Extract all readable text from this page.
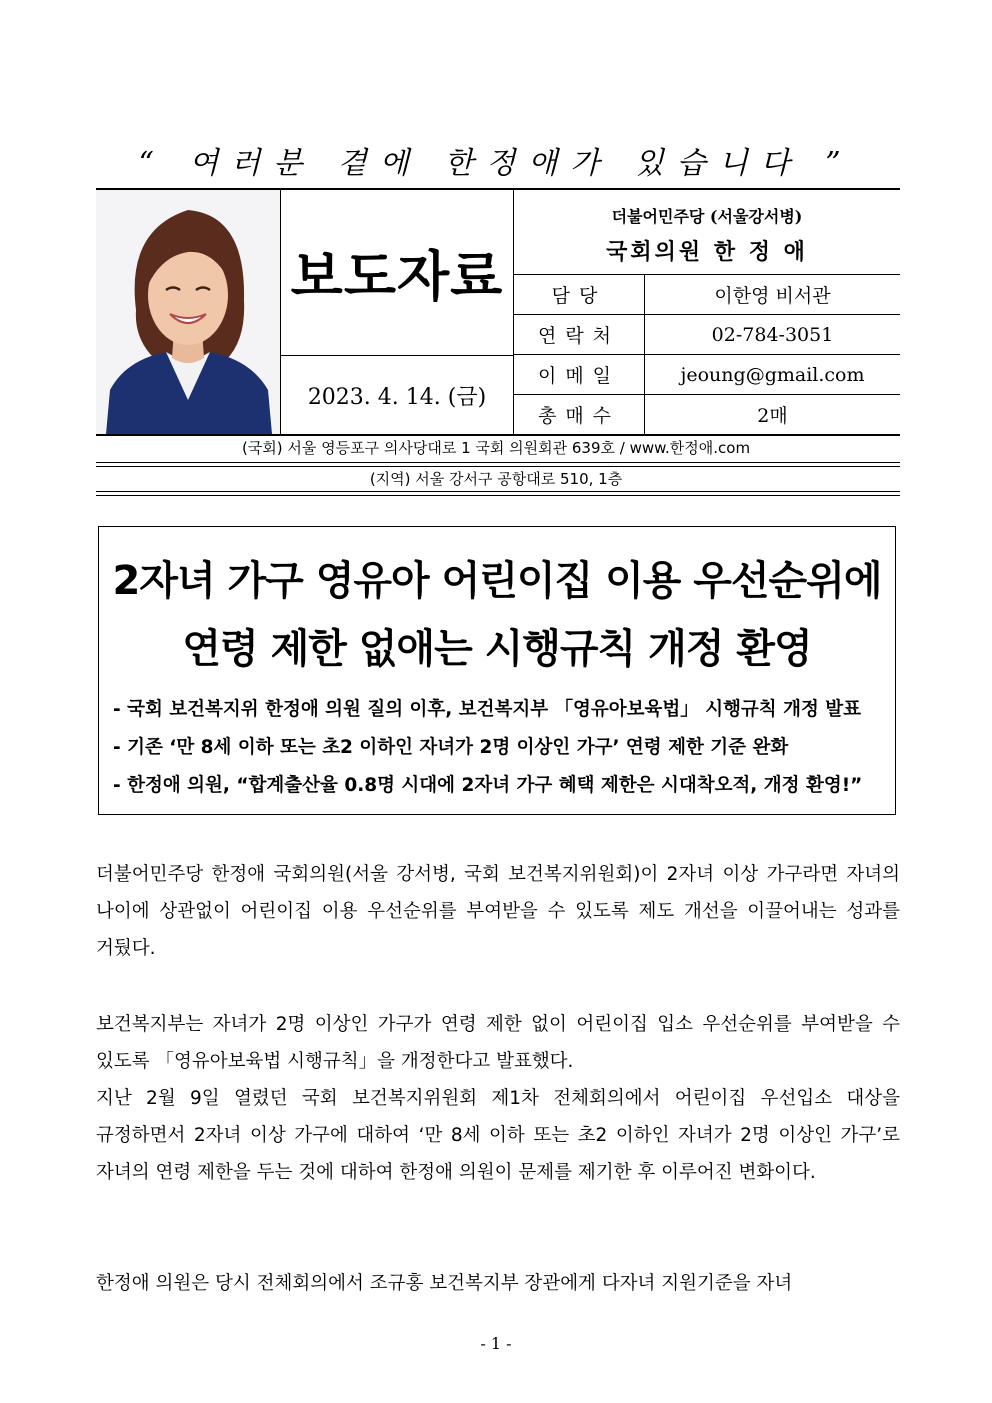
“ 여러분 곁에 한정애가 있습니다 ”
보도자료
2023. 4. 14. (금)
더불어민주당 (서울강서병)
국회의원 한 정 애
담당	이한영 비서관
연락처	02-784-3051
이메일	jeoung@gmail.com
총매수	2매
(국회) 서울 영등포구 의사당대로 1 국회 의원회관 639호 / www.한정애.com
(지역) 서울 강서구 공항대로 510, 1층
2자녀 가구 영유아 어린이집 이용 우선순위에
연령 제한 없애는 시행규칙 개정 환영
- 국회 보건복지위 한정애 의원 질의 이후, 보건복지부 「영유아보육법」 시행규칙 개정 발표
- 기존 ‘만 8세 이하 또는 초2 이하인 자녀가 2명 이상인 가구’ 연령 제한 기준 완화
- 한정애 의원, “합계출산율 0.8명 시대에 2자녀 가구 혜택 제한은 시대착오적, 개정 환영!”
더불어민주당 한정애 국회의원(서울 강서병, 국회 보건복지위원회)이 2자녀 이상 가구라면 자녀의 나이에 상관없이 어린이집 이용 우선순위를 부여받을 수 있도록 제도 개선을 이끌어내는 성과를 거뒀다.
보건복지부는 자녀가 2명 이상인 가구가 연령 제한 없이 어린이집 입소 우선순위를 부여받을 수 있도록 「영유아보육법 시행규칙」을 개정한다고 발표했다.
지난 2월 9일 열렸던 국회 보건복지위원회 제1차 전체회의에서 어린이집 우선입소 대상을 규정하면서 2자녀 이상 가구에 대하여 ‘만 8세 이하 또는 초2 이하인 자녀가 2명 이상인 가구’로 자녀의 연령 제한을 두는 것에 대하여 한정애 의원이 문제를 제기한 후 이루어진 변화이다.
한정애 의원은 당시 전체회의에서 조규홍 보건복지부 장관에게 다자녀 지원기준을 자녀
- 1 -
